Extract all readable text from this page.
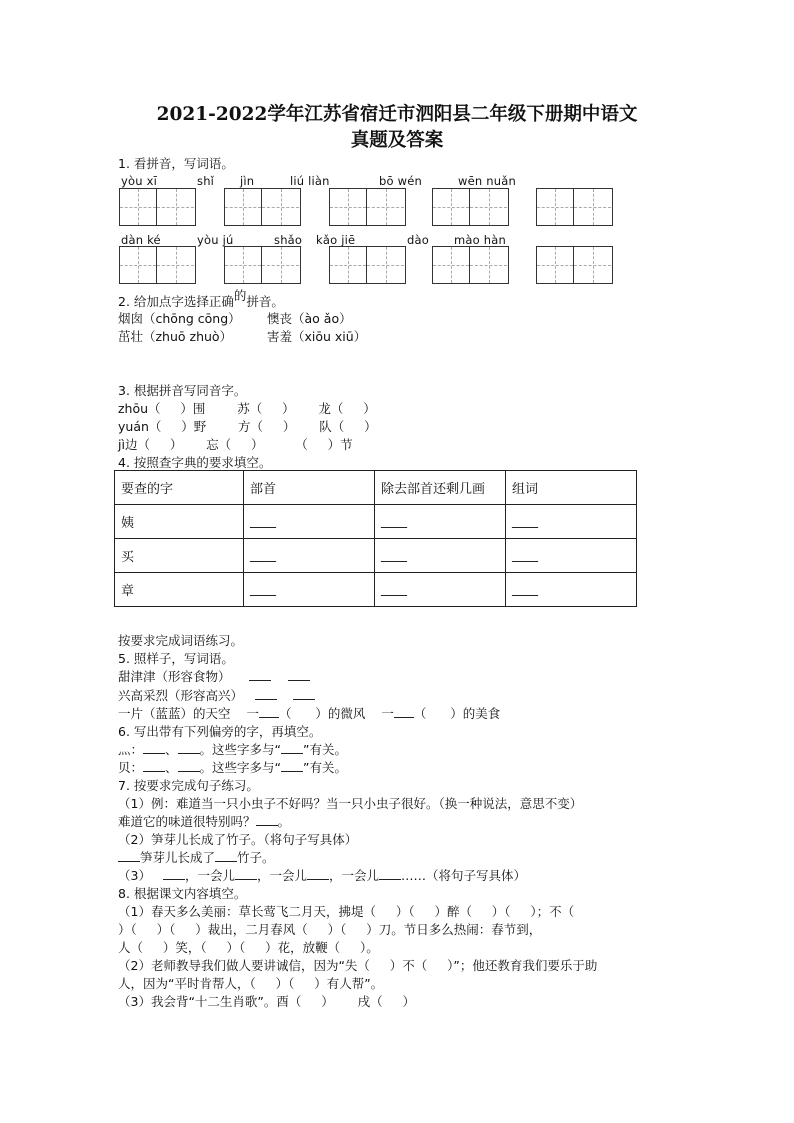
2021-2022学年江苏省宿迁市泗阳县二年级下册期中语文
真题及答案
1. 看拼音，写词语。
yòu xī	shǐ jìn	liú liàn	bō wén	wēn nuǎn
dàn ké	yòu jú	shǎo kǎo jiē	dào mào hàn
2. 给加点字选择正确的拼音。
烟囱（chōng cōng） 懊丧（ào ǎo）
茁壮（zhuō zhuò）	害羞（xiōu xiū）
3. 根据拼音写同音字。
zhōu（     ）围        苏（     ）      龙（     ）
yuán（     ）野        方（     ）      队（     ）
jì边（     ）      忘（     ）        （     ）节
4. 按照查字典的要求填空。
要查的字	部首	除去部首还剩几画	组词
姨	____	____	____
买	____	____	____
章	____	____	____
按要求完成词语练习。
5. 照样子，写词语。
甜津津（形容食物）
兴高采烈（形容高兴）
一片（蓝蓝）的天空 一 （      ）的微风 一 （      ）的美食
6. 写出带有下列偏旁的字，再填空。
灬： 、 。这些字多与“ ”有关。
贝： 、 。这些字多与“ ”有关。
7. 按要求完成句子练习。
（1）例：难道当一只小虫子不好吗？当一只小虫子很好。（换一种说法，意思不变）
难道它的味道很特别吗？ 。
（2）笋芽儿长成了竹子。（将句子写具体）
笋芽儿长成了 竹子。
（3）	，一会儿 ，一会儿 ，一会儿 ……（将句子写具体）
8. 根据课文内容填空。
（1）春天多么美丽：草长莺飞二月天，拂堤（     ）（     ）醉（     ）（     ）；不（
）（     ）（     ）裁出，二月春风（     ）（     ）刀。节日多么热闹：春节到，
人（     ）笑，（     ）（     ）花，放鞭（     ）。
（2）老师教导我们做人要讲诚信，因为“失（     ）不（     ）”；他还教育我们要乐于助
人，因为“平时肯帮人，（     ）（     ）有人帮”。
（3）我会背“十二生肖歌”。酉（     ）      戌（     ）
